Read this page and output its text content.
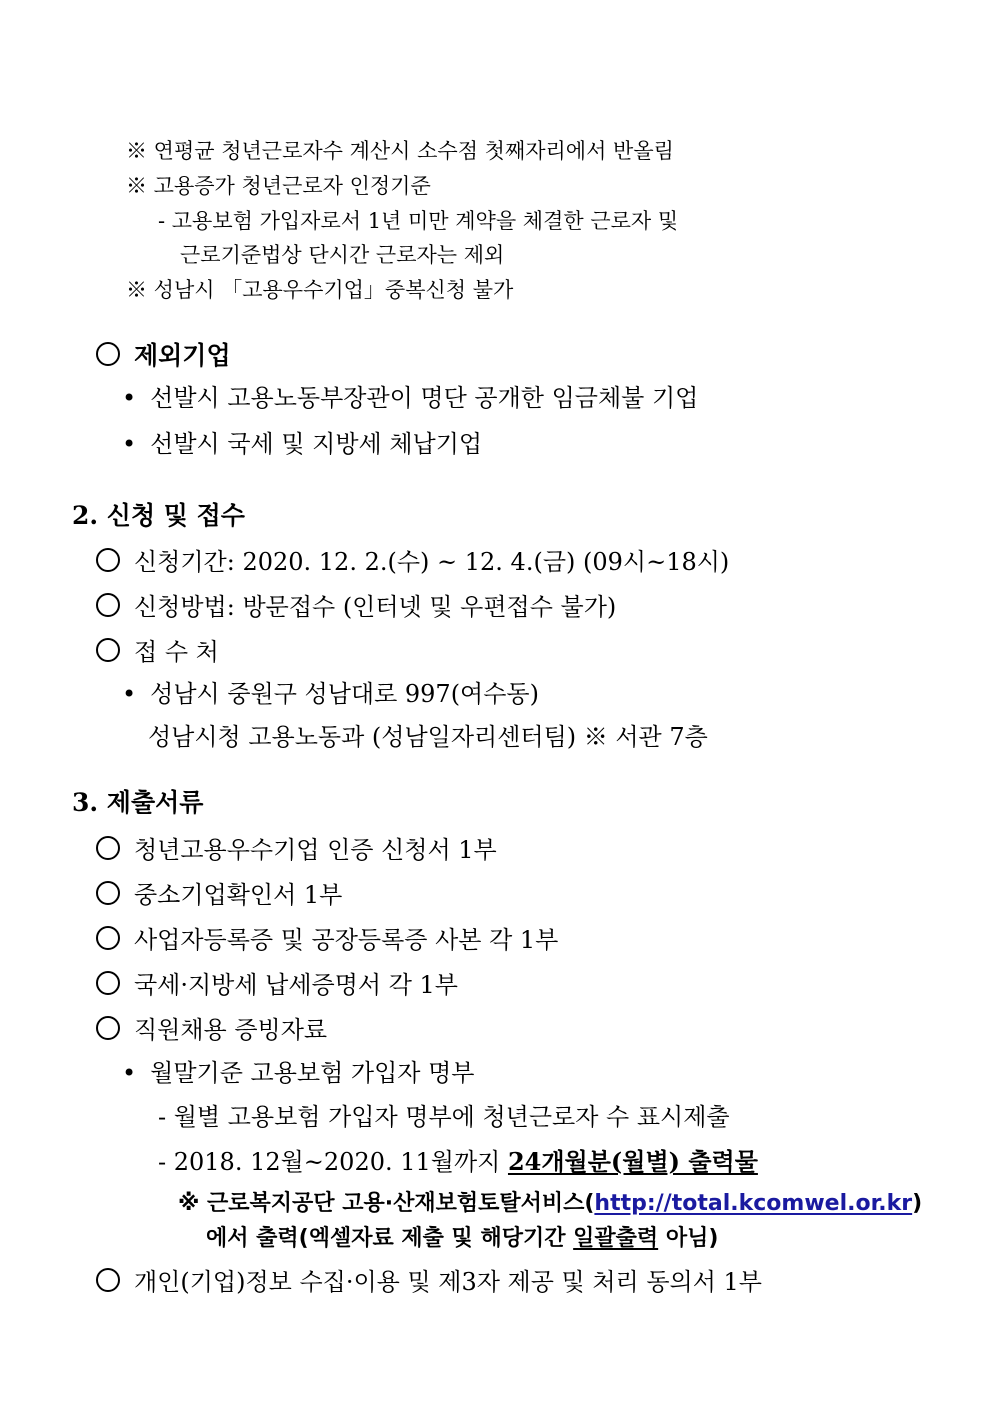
※ 연평균 청년근로자수 계산시 소수점 첫째자리에서 반올림
※ 고용증가 청년근로자 인정기준
- 고용보험 가입자로서 1년 미만 계약을 체결한 근로자 및
근로기준법상 단시간 근로자는 제외
※ 성남시 「고용우수기업」중복신청 불가
제외기업
• 선발시 고용노동부장관이 명단 공개한 임금체불 기업
• 선발시 국세 및 지방세 체납기업
2. 신청 및 접수
신청기간: 2020. 12. 2.(수) ~ 12. 4.(금) (09시~18시)
신청방법: 방문접수 (인터넷 및 우편접수 불가)
접 수 처
• 성남시 중원구 성남대로 997(여수동)
성남시청 고용노동과 (성남일자리센터팀) ※ 서관 7층
3. 제출서류
청년고용우수기업 인증 신청서 1부
중소기업확인서 1부
사업자등록증 및 공장등록증 사본 각 1부
국세·지방세 납세증명서 각 1부
직원채용 증빙자료
• 월말기준 고용보험 가입자 명부
- 월별 고용보험 가입자 명부에 청년근로자 수 표시제출
- 2018. 12월~2020. 11월까지 24개월분(월별) 출력물
※ 근로복지공단 고용·산재보험토탈서비스(http://total.kcomwel.or.kr)
에서 출력(엑셀자료 제출 및 해당기간 일괄출력 아님)
개인(기업)정보 수집·이용 및 제3자 제공 및 처리 동의서 1부
